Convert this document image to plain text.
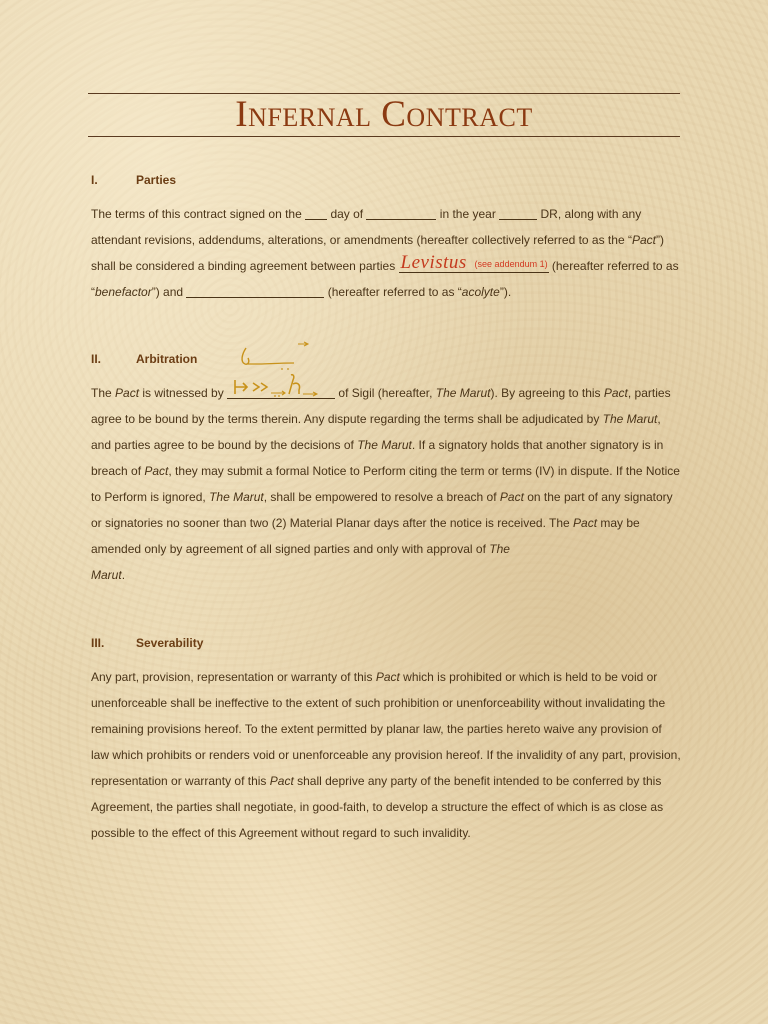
Infernal Contract
I.	Parties

The terms of this contract signed on the  day of	in the year	DR, along with any attendant revisions, addendums, alterations, or amendments (hereafter collectively referred to as the “Pact”) shall be considered a binding agreement between parties Levistus (see addendum 1) (hereafter referred to as “benefactor”) and	(hereafter referred to as “acolyte”).

II.	Arbitration

The Pact is witnessed by	of Sigil (hereafter, The Marut). By agreeing to this Pact, parties agree to be bound by the terms therein. Any dispute regarding the terms shall be adjudicated by The Marut, and parties agree to be bound by the decisions of The Marut. If a signatory holds that another signatory is in breach of Pact, they may submit a formal Notice to Perform citing the term or terms (IV) in dispute. If the Notice to Perform is ignored, The Marut, shall be empowered to resolve a breach of Pact on the part of any signatory or signatories no sooner than two (2) Material Planar days after the notice is received. The Pact may be amended only by agreement of all signed parties and only with approval of The
Marut.

III.	Severability

Any part, provision, representation or warranty of this Pact which is prohibited or which is held to be void or unenforceable shall be ineffective to the extent of such prohibition or unenforceability without invalidating the remaining provisions hereof. To the extent permitted by planar law, the parties hereto waive any provision of law which prohibits or renders void or unenforceable any provision hereof. If the invalidity of any part, provision, representation or warranty of this Pact shall deprive any party of the benefit intended to be conferred by this Agreement, the parties shall negotiate, in good-faith, to develop a structure the effect of which is as close as possible to the effect of this Agreement without regard to such invalidity.
